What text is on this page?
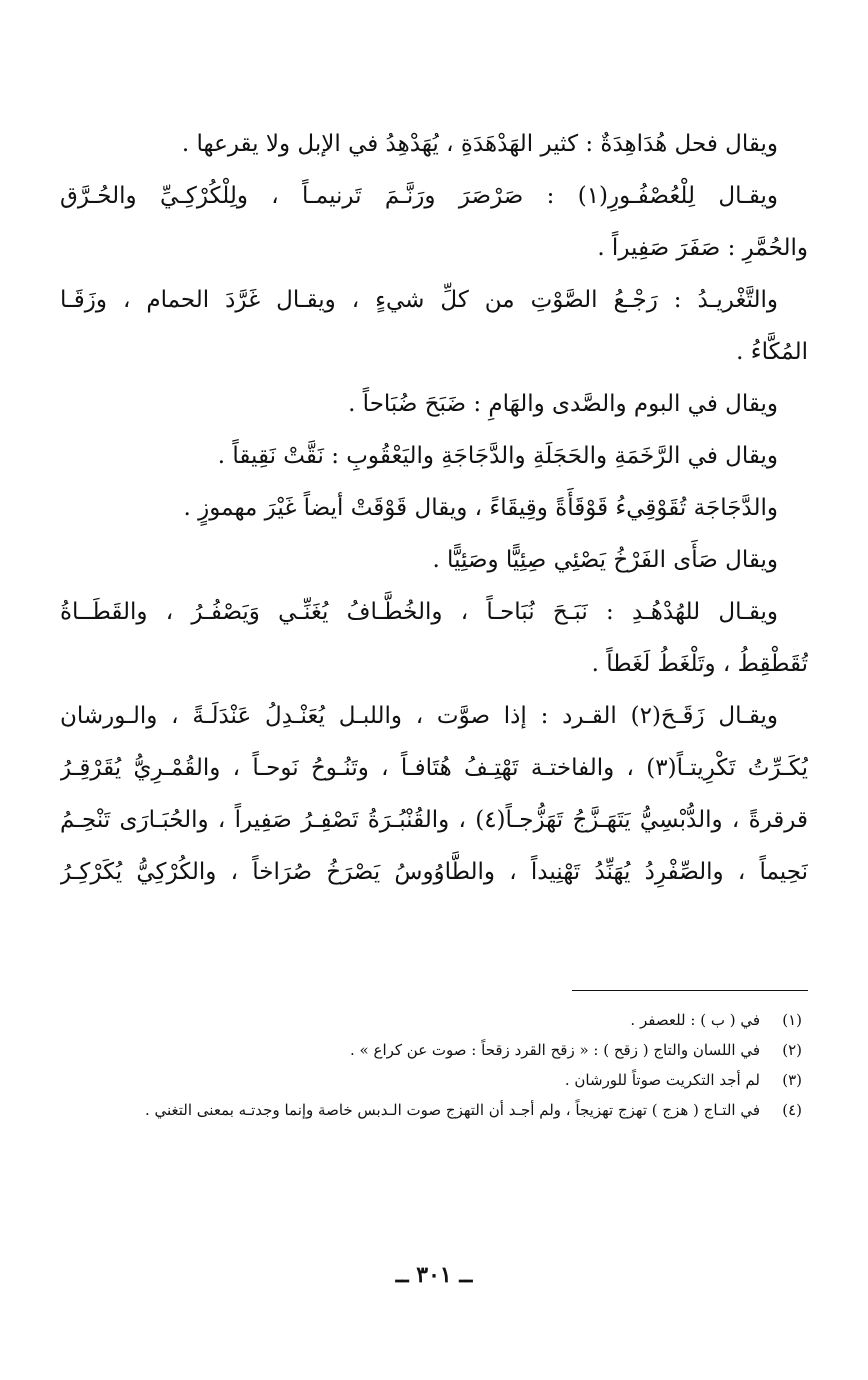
ويقال فحل هُدَاهِدَةٌ : كثير الهَدْهَدَةِ ، يُهَدْهِدُ في الإبل ولا يقرعها .
ويقـال لِلْعُصْفُـورِ(١) : صَرْصَرَ ورَنَّـمَ تَرنيمـاً ، ولِلْكُرْكِـيِّ والحُـرَّق
والحُمَّرِ : صَفَرَ صَفِيراً .
والتَّغْريـدُ : رَجْـعُ الصَّوْتِ من كلِّ شيءٍ ، ويقـال غَرَّدَ الحمام ، وزَقَـا
المُكَّاءُ .
ويقال في البوم والصَّدى والهَامِ : ضَبَحَ ضُبَاحاً .
ويقال في الرَّخَمَةِ والحَجَلَةِ والدَّجَاجَةِ واليَعْقُوبِ : نَقَّتْ نَقِيقاً .
والدَّجَاجَة تُقَوْقِيءُ قَوْقَأَةً وقِيقَاءً ، ويقال قَوْقَتْ أيضاً غَيْرَ مهموزٍ .
ويقال صَأَى الفَرْخُ يَصْئِي صِئِيًّا وصَئِيًّا .
ويقـال للهُدْهُـدِ : نَبَـحَ نُبَاحـاً ، والخُطَّـافُ يُغَنِّـي وَيَصْفُـرُ ، والقَطَــاةُ
تُقَطْقِطُ ، وتَلْغَطُ لَغَطاً .
ويقـال زَقَـحَ(٢) القـرد : إذا صوَّت ، واللبـل يُعَنْـدِلُ عَنْدَلَـةً ، والـورشان
يُكَـرِّتُ تَكْرِيتـاً(٣) ، والفاختـة تَهْتِـفُ هُتَافـاً ، وتَنُـوحُ نَوحـاً ، والقُمْـرِيُّ يُقَرْقِـرُ
قرقرةً ، والدُّبْسِيُّ يَتَهَـزَّجُ تَهَزُّجـاً(٤) ، والقُنْبُـرَةُ تَصْفِـرُ صَفِيراً ، والحُبَـارَى تَنْحِـمُ
نَحِيماً ، والصِّفْرِدُ يُهَنِّدُ تَهْنِيداً ، والطَّاوُوسُ يَصْرَخُ صُرَاخاً ، والكُرْكِيُّ يُكَرْكِـرُ
(١)
في ( ب ) : للعصفر .
(٢)
في اللسان والتاج ( زقح ) : « زقح القرد زقحاً : صوت عن كراع » .
(٣)
لم أجد التكريت صوتاً للورشان .
(٤)
في التـاج ( هزج ) تهزج تهزيجاً ، ولم أجـد أن التهزج صوت الـدبس خاصة وإنما وجدتـه بمعنى التغني .
ــ ٣٠١ ــ
